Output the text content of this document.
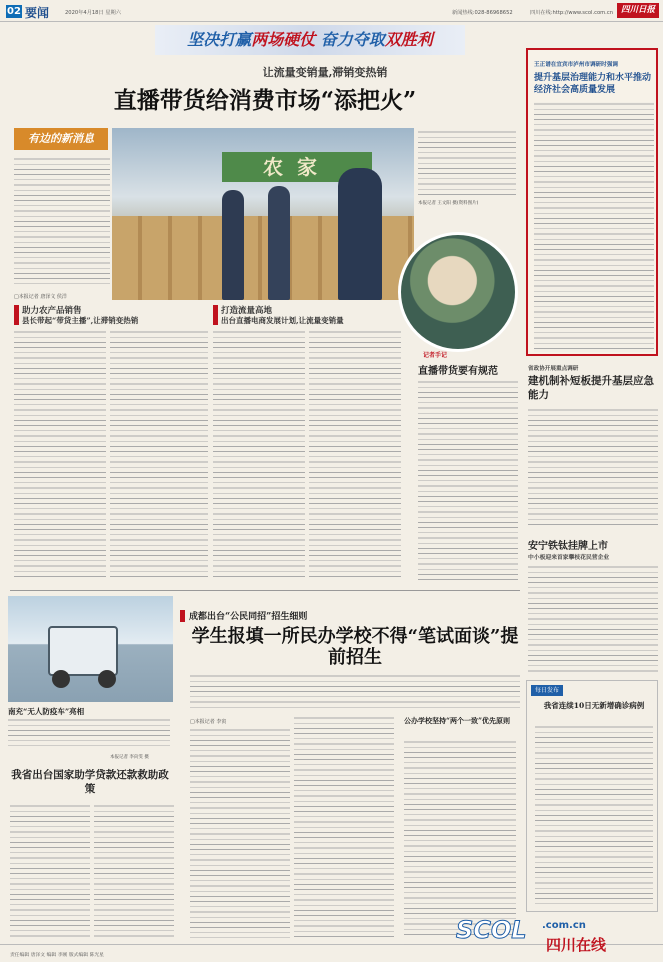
02 要闻	2020年4月18日 星期六	新闻热线:028-86968652	四川在线:http://www.scol.com.cn 四川日报
坚决打赢两场硬仗 奋力夺取双胜利
让流量变销量,滞销变热销
直播带货给消费市场“添把火”
有边的新消息
□本报记者 唐泽文 侯洋
农家
本报记者 王文阳 摄(资料图片)
助力农产品销售
县长带起“带货主播”,让滞销变热销
打造流量高地
出台直播电商发展计划,让流量变销量
记者手记
直播带货要有规范
王正谱在宜宾市泸州市调研时强调
提升基层治理能力和水平推动经济社会高质量发展
省政协开展重点调研
建机制补短板提升基层应急能力
安宁铁钛挂牌上市
中小板迎来首家攀枝花民营企业
每日发布
我省连续10日无新增确诊病例
南充“无人防疫车”亮相
本报记者 李向雯 摄
成都出台“公民同招”招生细则
学生报填一所民办学校不得“笔试面谈”提前招生
□本报记者 李寅	公办学校坚持“两个一致”优先原则
我省出台国家助学贷款还款救助政策
责任编辑 唐泽文 编辑 李刚 版式编辑 陈光星
SCOL .com.cn
四川在线
